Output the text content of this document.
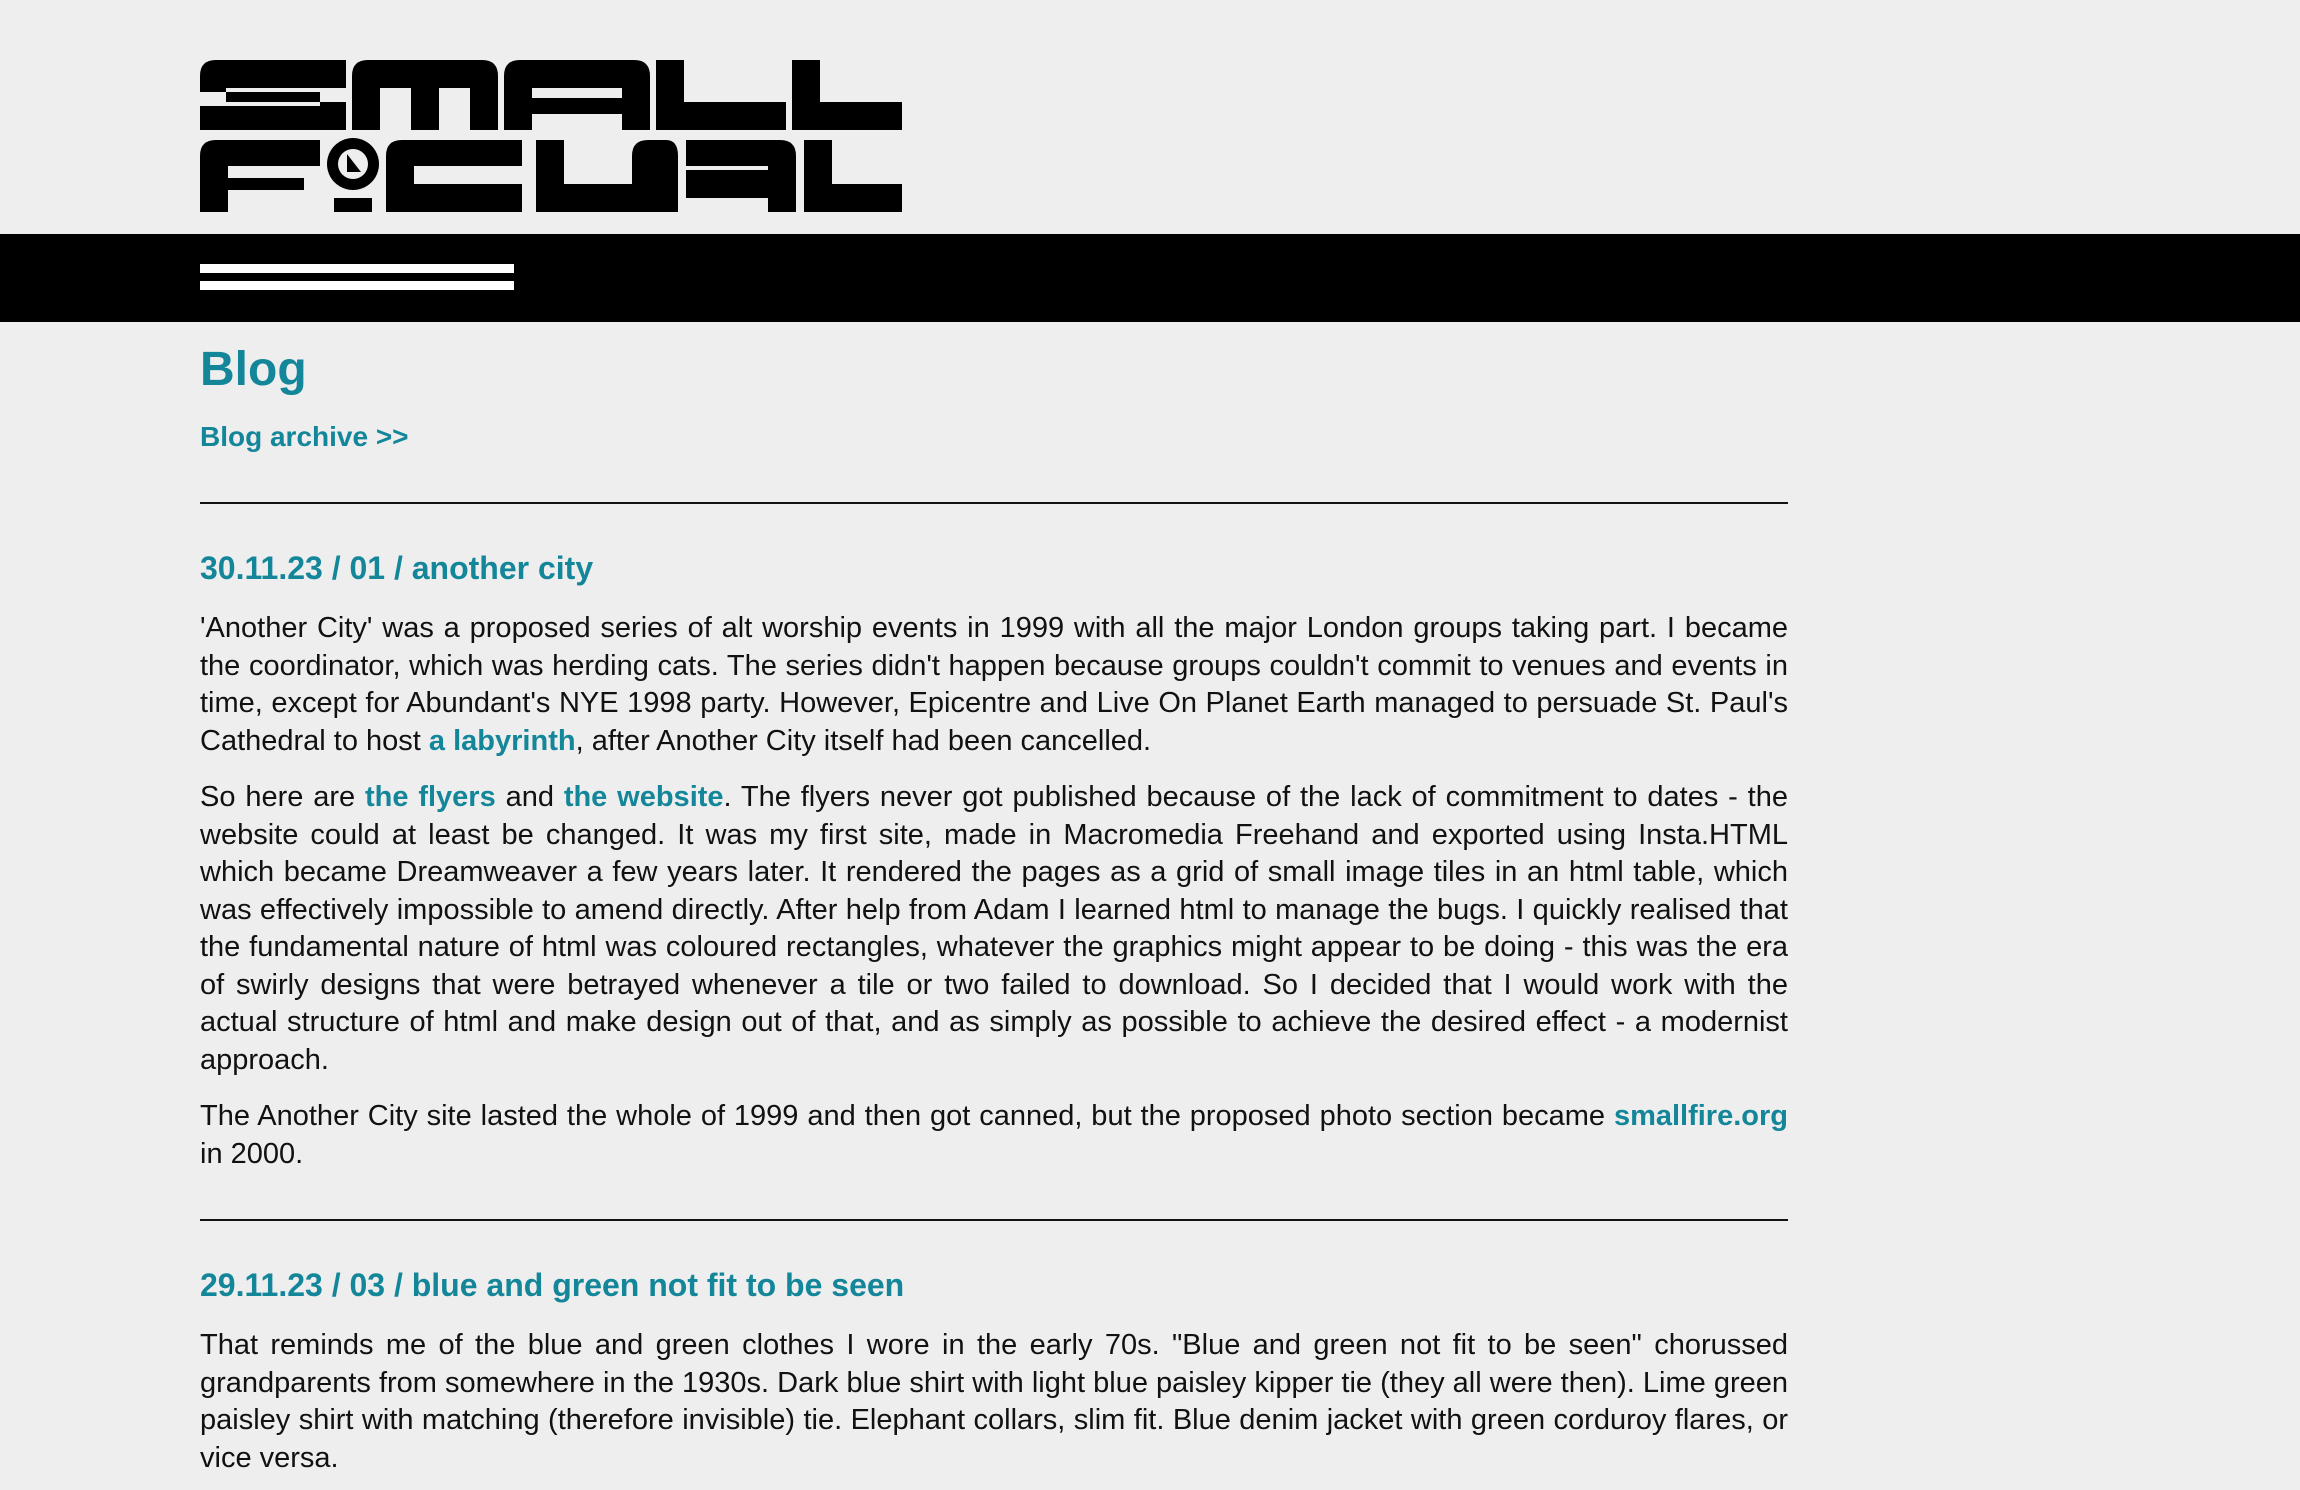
Blog
Blog archive >>
30.11.23 / 01 / another city

'Another City' was a proposed series of alt worship events in 1999 with all the major London groups taking part. I became the coordinator, which was herding cats. The series didn't happen because groups couldn't commit to venues and events in time, except for Abundant's NYE 1998 party. However, Epicentre and Live On Planet Earth managed to persuade St. Paul's Cathedral to host a labyrinth, after Another City itself had been cancelled.

So here are the flyers and the website. The flyers never got published because of the lack of commitment to dates - the website could at least be changed. It was my first site, made in Macromedia Freehand and exported using Insta.HTML which became Dreamweaver a few years later. It rendered the pages as a grid of small image tiles in an html table, which was effectively impossible to amend directly. After help from Adam I learned html to manage the bugs. I quickly realised that the fundamental nature of html was coloured rectangles, whatever the graphics might appear to be doing - this was the era of swirly designs that were betrayed whenever a tile or two failed to download. So I decided that I would work with the actual structure of html and make design out of that, and as simply as possible to achieve the desired effect - a modernist approach.

The Another City site lasted the whole of 1999 and then got canned, but the proposed photo section became smallfire.org in 2000.

29.11.23 / 03 / blue and green not fit to be seen

That reminds me of the blue and green clothes I wore in the early 70s. "Blue and green not fit to be seen" chorussed grandparents from somewhere in the 1930s. Dark blue shirt with light blue paisley kipper tie (they all were then). Lime green paisley shirt with matching (therefore invisible) tie. Elephant collars, slim fit. Blue denim jacket with green corduroy flares, or vice versa.
